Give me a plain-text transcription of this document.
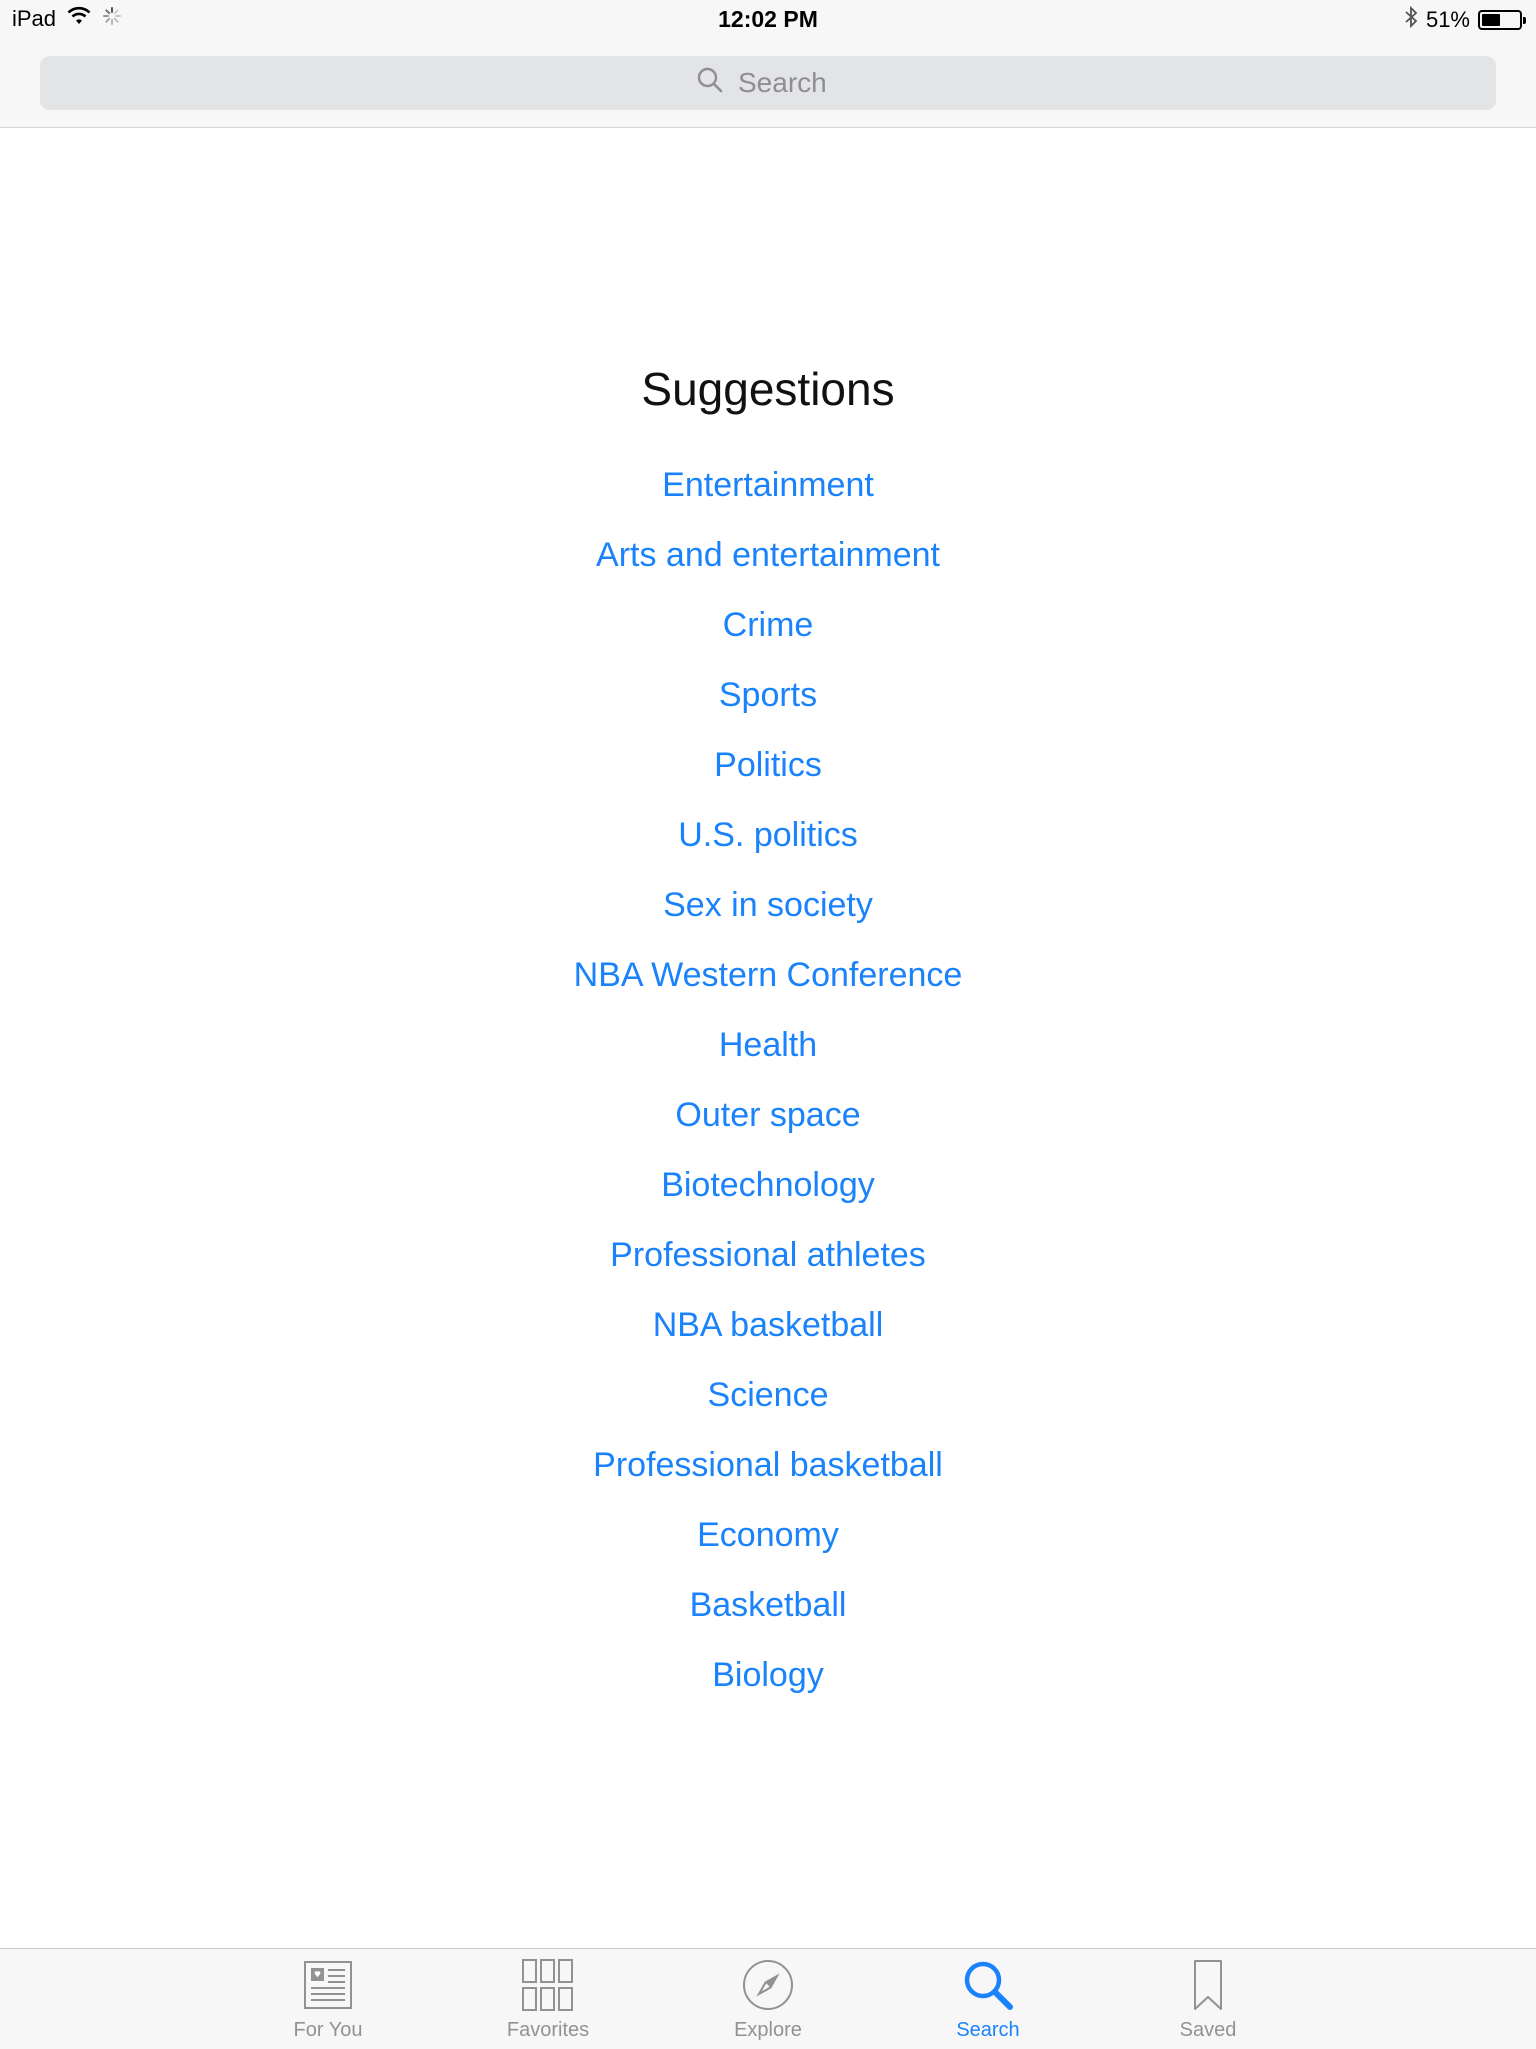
iPad	12:02 PM	51%
Search
Suggestions
Entertainment
Arts and entertainment
Crime
Sports
Politics
U.S. politics
Sex in society
NBA Western Conference
Health
Outer space
Biotechnology
Professional athletes
NBA basketball
Science
Professional basketball
Economy
Basketball
Biology
For You	Favorites	Explore	Search	Saved
